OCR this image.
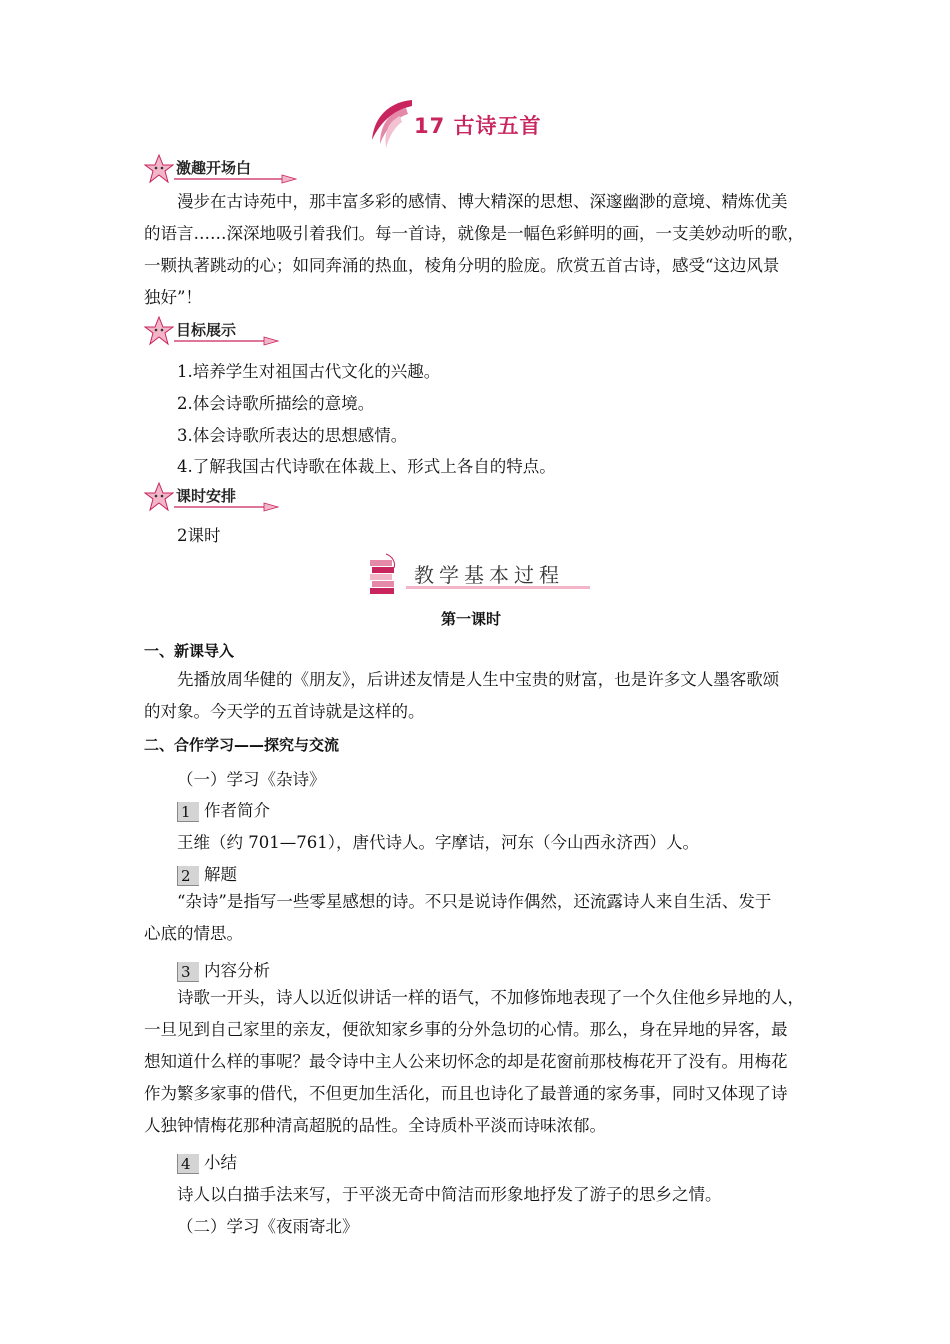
17 古诗五首
激趣开场白
漫步在古诗苑中，那丰富多彩的感情、博大精深的思想、深邃幽渺的意境、精炼优美
的语言……深深地吸引着我们。每一首诗，就像是一幅色彩鲜明的画，一支美妙动听的歌，
一颗执著跳动的心；如同奔涌的热血，棱角分明的脸庞。欣赏五首古诗，感受“这边风景
独好”！
目标展示
1.培养学生对祖国古代文化的兴趣。
2.体会诗歌所描绘的意境。
3.体会诗歌所表达的思想感情。
4.了解我国古代诗歌在体裁上、形式上各自的特点。
课时安排
2课时
教学基本过程
第一课时
一、新课导入
先播放周华健的《朋友》，后讲述友情是人生中宝贵的财富，也是许多文人墨客歌颂
的对象。今天学的五首诗就是这样的。
二、合作学习——探究与交流
（一）学习《杂诗》
1 作者简介
王维（约 701—761），唐代诗人。字摩诘，河东（今山西永济西）人。
2 解题
“杂诗”是指写一些零星感想的诗。不只是说诗作偶然，还流露诗人来自生活、发于
心底的情思。
3 内容分析
诗歌一开头，诗人以近似讲话一样的语气，不加修饰地表现了一个久住他乡异地的人，
一旦见到自己家里的亲友，便欲知家乡事的分外急切的心情。那么，身在异地的异客，最
想知道什么样的事呢？最令诗中主人公来切怀念的却是花窗前那枝梅花开了没有。用梅花
作为繁多家事的借代，不但更加生活化，而且也诗化了最普通的家务事，同时又体现了诗
人独钟情梅花那种清高超脱的品性。全诗质朴平淡而诗味浓郁。
4 小结
诗人以白描手法来写，于平淡无奇中简洁而形象地抒发了游子的思乡之情。
（二）学习《夜雨寄北》
